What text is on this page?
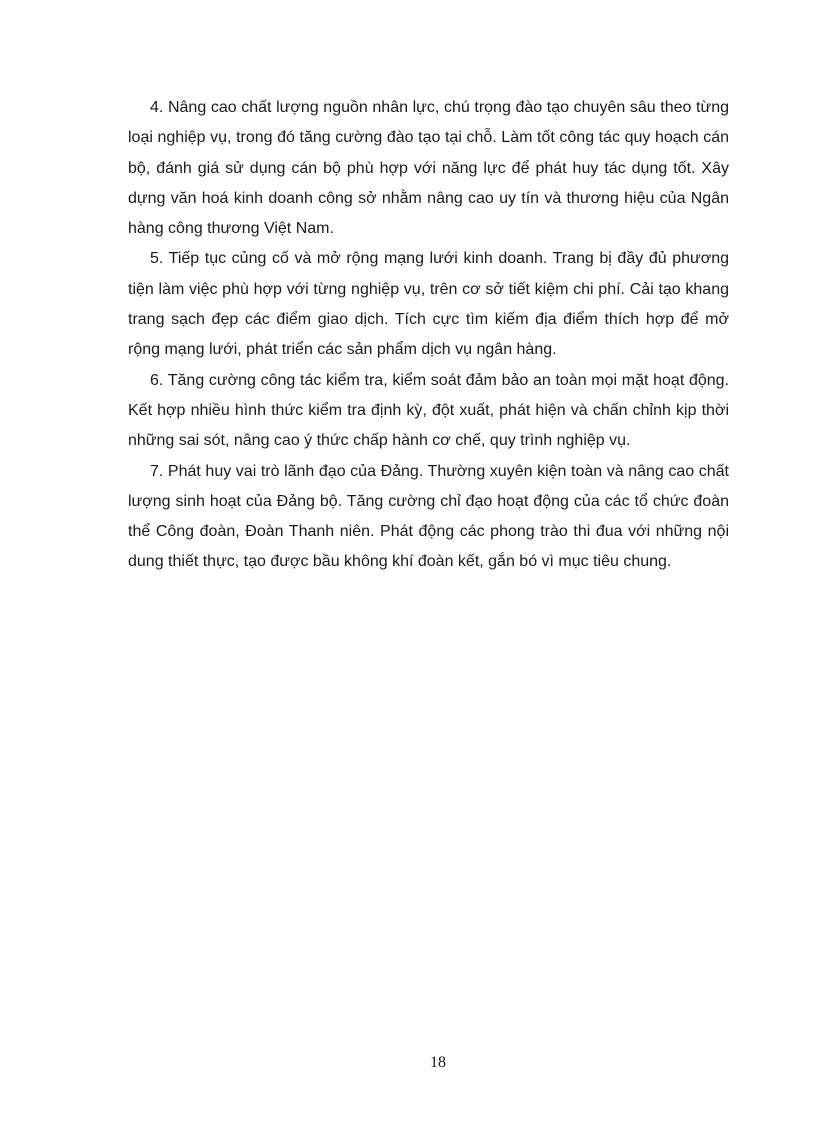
4. Nâng cao chất lượng nguồn nhân lực, chú trọng đào tạo chuyên sâu theo từng loại nghiệp vụ, trong đó tăng cường đào tạo tại chỗ. Làm tốt công tác quy hoạch cán bộ, đánh giá sử dụng cán bộ phù hợp với năng lực để phát huy tác dụng tốt. Xây dựng văn hoá kinh doanh công sở nhằm nâng cao uy tín và thương hiệu của Ngân hàng công thương Việt Nam.

5. Tiếp tục củng cố và mở rộng mạng lưới kinh doanh. Trang bị đầy đủ phương tiện làm việc phù hợp với từng nghiệp vụ, trên cơ sở tiết kiệm chi phí. Cải tạo khang trang sạch đẹp các điểm giao dịch. Tích cực tìm kiếm địa điểm thích hợp để mở rộng mạng lưới, phát triển các sản phẩm dịch vụ ngân hàng.

6. Tăng cường công tác kiểm tra, kiểm soát đảm bảo an toàn mọi mặt hoạt động. Kết hợp nhiều hình thức kiểm tra định kỳ, đột xuất, phát hiện và chấn chỉnh kịp thời những sai sót, nâng cao ý thức chấp hành cơ chế, quy trình nghiệp vụ.

7. Phát huy vai trò lãnh đạo của Đảng. Thường xuyên kiện toàn và nâng cao chất lượng sinh hoạt của Đảng bộ. Tăng cường chỉ đạo hoạt động của các tổ chức đoàn thể Công đoàn, Đoàn Thanh niên. Phát động các phong trào thi đua với những nội dung thiết thực, tạo được bầu không khí đoàn kết, gắn bó vì mục tiêu chung.

18
